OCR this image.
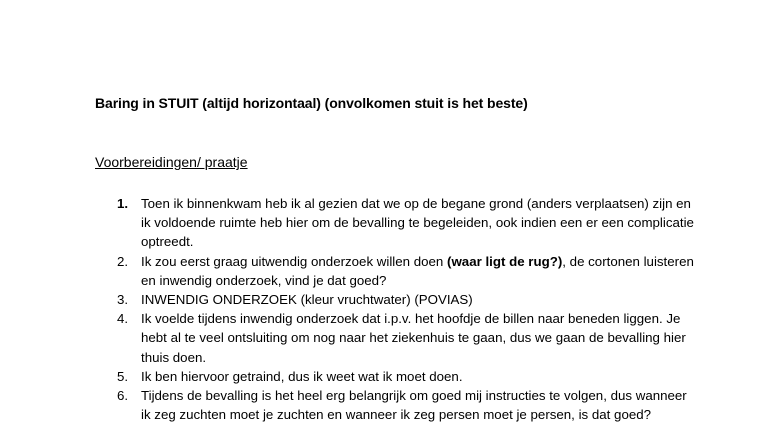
Baring in STUIT (altijd horizontaal) (onvolkomen stuit is het beste)
Voorbereidingen/ praatje
1. Toen ik binnenkwam heb ik al gezien dat we op de begane grond (anders verplaatsen) zijn en ik voldoende ruimte heb hier om de bevalling te begeleiden, ook indien een er een complicatie optreedt.
2. Ik zou eerst graag uitwendig onderzoek willen doen (waar ligt de rug?), de cortonen luisteren en inwendig onderzoek, vind je dat goed?
3. INWENDIG ONDERZOEK (kleur vruchtwater) (POVIAS)
4. Ik voelde tijdens inwendig onderzoek dat i.p.v. het hoofdje de billen naar beneden liggen. Je hebt al te veel ontsluiting om nog naar het ziekenhuis te gaan, dus we gaan de bevalling hier thuis doen.
5. Ik ben hiervoor getraind, dus ik weet wat ik moet doen.
6. Tijdens de bevalling is het heel erg belangrijk om goed mij instructies te volgen, dus wanneer ik zeg zuchten moet je zuchten en wanneer ik zeg persen moet je persen, is dat goed?
